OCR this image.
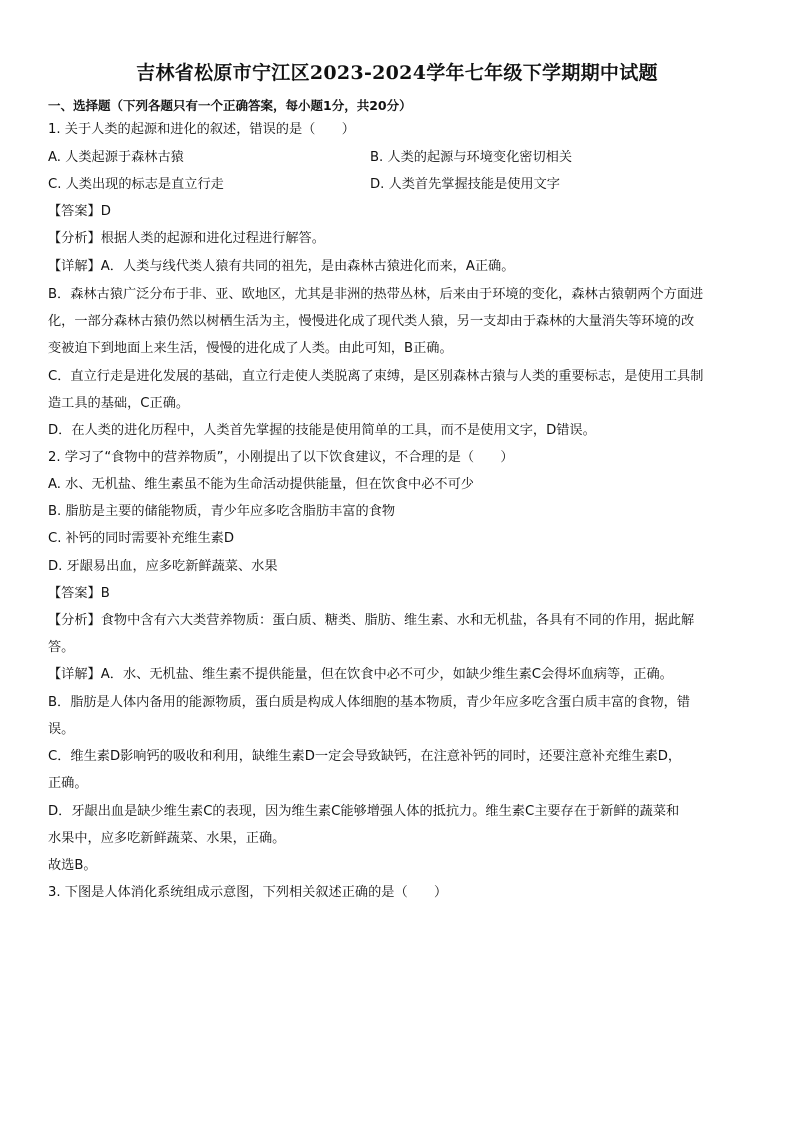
吉林省松原市宁江区2023-2024学年七年级下学期期中试题
一、选择题（下列各题只有一个正确答案，每小题1分，共20分）
1. 关于人类的起源和进化的叙述，错误的是（　　）
A. 人类起源于森林古猿	B. 人类的起源与环境变化密切相关
C. 人类出现的标志是直立行走	D. 人类首先掌握技能是使用文字
【答案】D
【分析】根据人类的起源和进化过程进行解答。
【详解】A．人类与线代类人猿有共同的祖先，是由森林古猿进化而来，A正确。
B．森林古猿广泛分布于非、亚、欧地区，尤其是非洲的热带丛林，后来由于环境的变化，森林古猿朝两个方面进
化，一部分森林古猿仍然以树栖生活为主，慢慢进化成了现代类人猿，另一支却由于森林的大量消失等环境的改
变被迫下到地面上来生活，慢慢的进化成了人类。由此可知，B正确。
C．直立行走是进化发展的基础，直立行走使人类脱离了束缚，是区别森林古猿与人类的重要标志，是使用工具制
造工具的基础，C正确。
D．在人类的进化历程中，人类首先掌握的技能是使用简单的工具，而不是使用文字，D错误。
2. 学习了“食物中的营养物质”，小刚提出了以下饮食建议，不合理的是（　　）
A. 水、无机盐、维生素虽不能为生命活动提供能量，但在饮食中必不可少
B. 脂肪是主要的储能物质，青少年应多吃含脂肪丰富的食物
C. 补钙的同时需要补充维生素D
D. 牙龈易出血，应多吃新鲜蔬菜、水果
【答案】B
【分析】食物中含有六大类营养物质：蛋白质、糖类、脂肪、维生素、水和无机盐，各具有不同的作用，据此解
答。
【详解】A．水、无机盐、维生素不提供能量，但在饮食中必不可少，如缺少维生素C会得坏血病等，正确。
B．脂肪是人体内备用的能源物质，蛋白质是构成人体细胞的基本物质，青少年应多吃含蛋白质丰富的食物，错
误。
C．维生素D影响钙的吸收和利用，缺维生素D一定会导致缺钙，在注意补钙的同时，还要注意补充维生素D，
正确。
D．牙龈出血是缺少维生素C的表现，因为维生素C能够增强人体的抵抗力。维生素C主要存在于新鲜的蔬菜和
水果中，应多吃新鲜蔬菜、水果，正确。
故选B。
3. 下图是人体消化系统组成示意图，下列相关叙述正确的是（　　）
